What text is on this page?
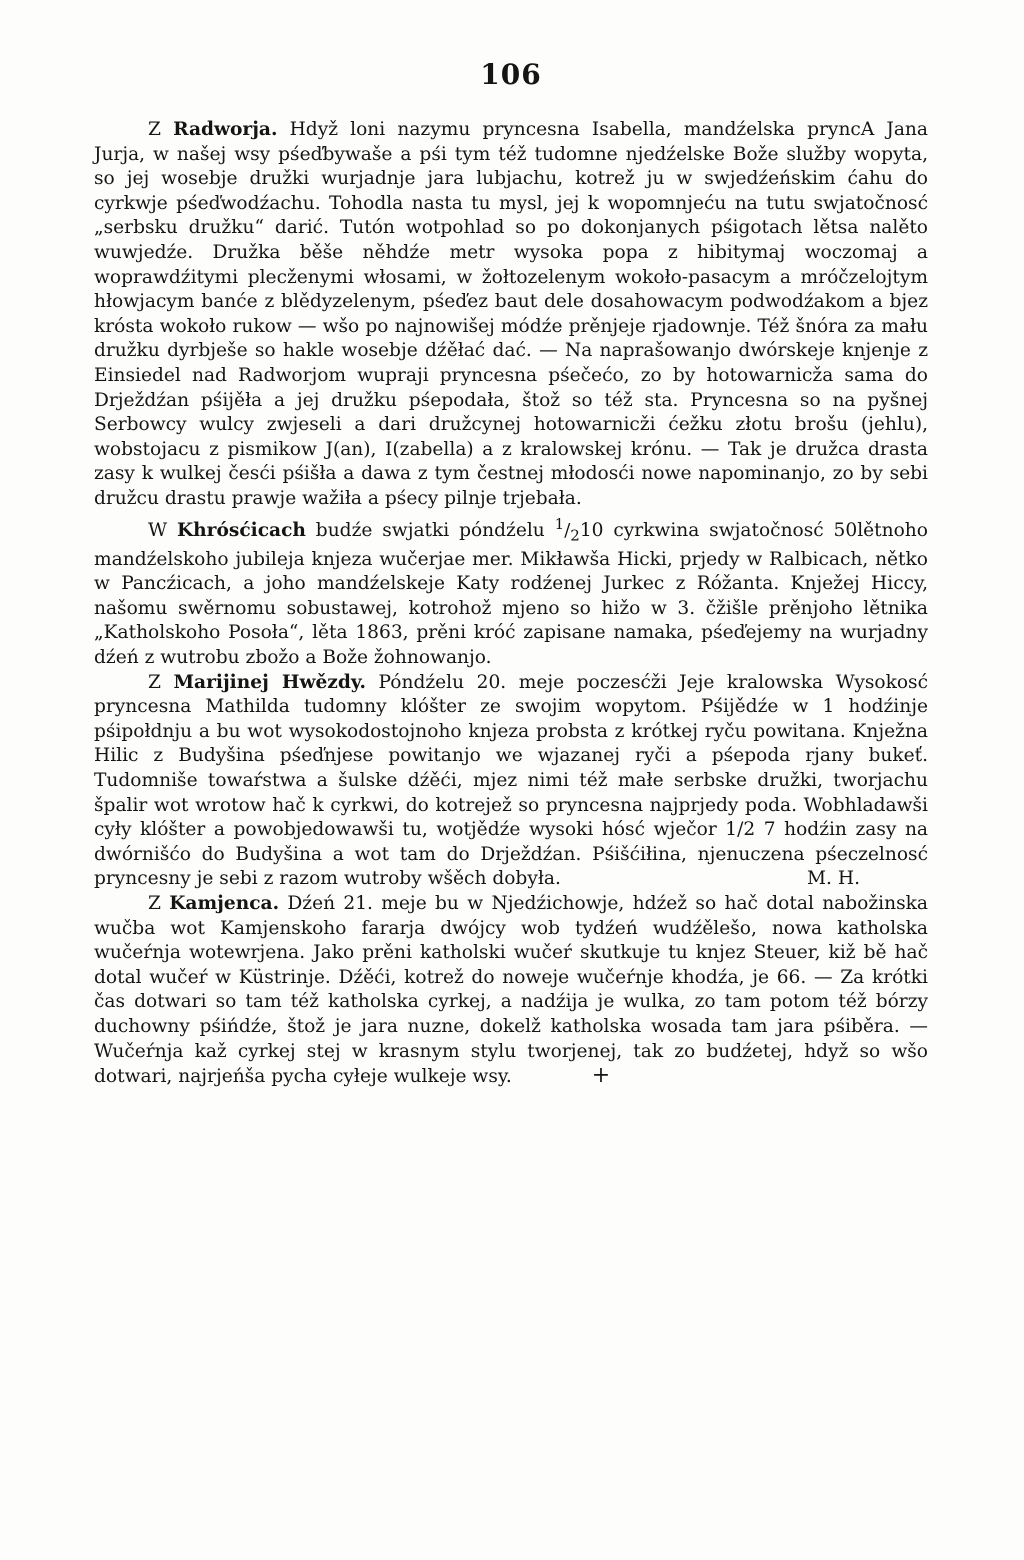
106

Z Radworja. Hdyž loni nazymu pryncesna Isabella, mandźelska pryncA Jana Jurja, w našej wsy pśeďbywaše a pśi tym též tudomne njedźelske Bože služby wopyta, so jej wosebje družki wurjadnje jara lubjachu, kotrež ju w swjedźeńskim ćahu do cyrkwje pśeďwodźachu. Tohodla nasta tu mysl, jej k wopomnjeću na tutu swjatočnosć „serbsku družku“ darić. Tutón wotpohlad so po dokonjanych pśigotach lětsa nalěto wuwjedźe. Družka běše něhdźe metr wysoka popa z hibitymaj woczomaj a woprawdźitymi plecženymi włosami, w žołtozelenym wokoło-pasacym a mróčzelojtym hłowjacym banće z blědyzelenym, pśeďez baut dele dosahowacym podwodźakom a bjez krósta wokoło rukow — wšo po najnowišej módźe prěnjeje rjadownje. Též šnóra za mału družku dyrbješe so hakle wosebje dźěłać dać. — Na naprašowanjo dwórskeje knjenje z Einsiedel nad Radworjom wupraji pryncesna pśečećo, zo by hotowarnicža sama do Drježdźan pśijěła a jej družku pśepodała, štož so též sta. Pryncesna so na pyšnej Serbowcy wulcy zwjeseli a dari družcynej hotowarnicži ćežku złotu brošu (jehlu), wobstojacu z pismikow J(an), I(zabella) a z kralowskej krónu. — Tak je družca drasta zasy k wulkej česći pśišła a dawa z tym čestnej młodosći nowe napominanjo, zo by sebi družcu drastu prawje wažiła a pśecy pilnje trjebała.

W Khrósćicach budźe swjatki póndźelu $^1/_210$ cyrkwina swjatočnosć 50lětnoho mandźelskoho jubileja knjeza wučerjae mer. Mikławša Hicki, prjedy w Ralbicach, nětko w Pancźicach, a joho mandźelskeje Katy rodźenej Jurkec z Róžanta. Knježej Hiccy, našomu swěrnomu sobustawej, kotrohož mjeno so hižo w 3. čžišle prěnjoho lětnika „Katholskoho Posoła“, lěta 1863, prěni króć zapisane namaka, pśeďejemy na wurjadny dźeń z wutrobu zbožo a Bože žohnowanjo.

Z Marijinej Hwězdy. Póndźelu 20. meje poczesćži Jeje kralowska Wysokosć pryncesna Mathilda tudomny klóšter ze swojim wopytom. Pśijědźe w 1 hodźinje pśipołdnju a bu wot wysokodostojnoho knjeza probsta z krótkej ryču powitana. Knježna Hilic z Budyšina pśeďnjese powitanjo we wjazanej ryči a pśepoda rjany bukeť. Tudomniše towaŕstwa a šulske dźěći, mjez nimi též małe serbske družki, tworjachu špalir wot wrotow hač k cyrkwi, do kotrejež so pryncesna najprjedy poda. Wobhladawši cyły klóšter a powobjedowawši tu, wotjědźe wysoki hósć wječor 1/2 7 hodźin zasy na dwórnišćo do Budyšina a wot tam do Drježdźan. Pśišćiłina, njenuczena pśeczelnosć pryncesny je sebi z razom wutroby wšěch dobyła.	M. H.

Z Kamjenca. Dźeń 21. meje bu w Njedźichowje, hdźež so hač dotal nabožinska wučba wot Kamjenskoho fararja dwójcy wob tydźeń wudźělešo, nowa katholska wučeŕnja wotewrjena. Jako prěni katholski wučeŕ skutkuje tu knjez Steuer, kiž bě hač dotal wučeŕ w Küstrinje. Dźěći, kotrež do noweje wučeŕnje khodźa, je 66. — Za krótki čas dotwari so tam též katholska cyrkej, a nadźija je wulka, zo tam potom též bórzy duchowny pśińdźe, štož je jara nuzne, dokelž katholska wosada tam jara pśiběra. — Wučeŕnja kaž cyrkej stej w krasnym stylu tworjenej, tak zo budźetej, hdyž so wšo dotwari, najrjeńša pycha cyłeje wulkeje wsy.	+
